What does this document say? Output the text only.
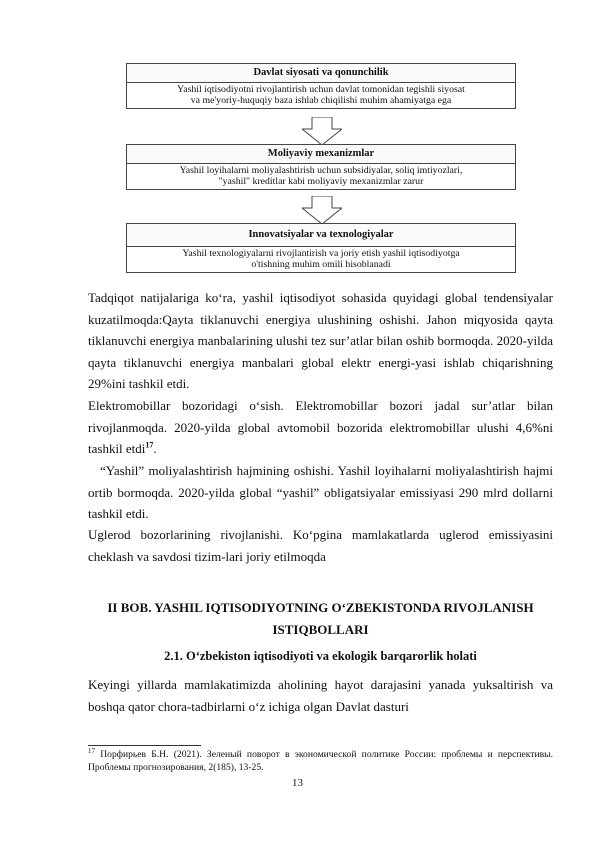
Davlat siyosati va qonunchilik
Yashil iqtisodiyotni rivojlantirish uchun davlat tomonidan tegishli siyosat
va me'yoriy-huquqiy baza ishlab chiqilishi muhim ahamiyatga ega
Moliyaviy mexanizmlar
Yashil loyihalarni moliyalashtirish uchun subsidiyalar, soliq imtiyozlari,
"yashil" kreditlar kabi moliyaviy mexanizmlar zarur
Innovatsiyalar va texnologiyalar
Yashil texnologiyalarni rivojlantirish va joriy etish yashil iqtisodiyotga
o'tishning muhim omili hisoblanadi
Tadqiqot natijalariga ko‘ra, yashil iqtisodiyot sohasida quyidagi global tendensiyalar kuzatilmoqda:Qayta tiklanuvchi energiya ulushining oshishi. Jahon miqyosida qayta tiklanuvchi energiya manbalarining ulushi tez sur’atlar bilan oshib bormoqda. 2020-yilda qayta tiklanuvchi energiya manbalari global elektr energi-yasi ishlab chiqarishning 29%ini tashkil etdi.
Elektromobillar bozoridagi o‘sish. Elektromobillar bozori jadal sur’atlar bilan rivojlanmoqda. 2020-yilda global avtomobil bozorida elektromobillar ulushi 4,6%ni tashkil etdi$^{17}$.
“Yashil” moliyalashtirish hajmining oshishi. Yashil loyihalarni moliyalashtirish hajmi ortib bormoqda. 2020-yilda global “yashil” obligatsiyalar emissiyasi 290 mlrd dollarni tashkil etdi.
Uglerod bozorlarining rivojlanishi. Ko‘pgina mamlakatlarda uglerod emissiyasini cheklash va savdosi tizim-lari joriy etilmoqda
II BOB. YASHIL IQTISODIYOTNING O‘ZBEKISTONDA RIVOJLANISH
ISTIQBOLLARI
2.1. O‘zbekiston iqtisodiyoti va ekologik barqarorlik holati
Keyingi yillarda mamlakatimizda aholining hayot darajasini yanada yuksaltirish va boshqa qator chora-tadbirlarni o‘z ichiga olgan Davlat dasturi
$^{17}$ Порфирьев Б.Н. (2021). Зеленый поворот в экономической политике России: проблемы и перспективы. Проблемы прогнозирования, 2(185), 13-25.
13
